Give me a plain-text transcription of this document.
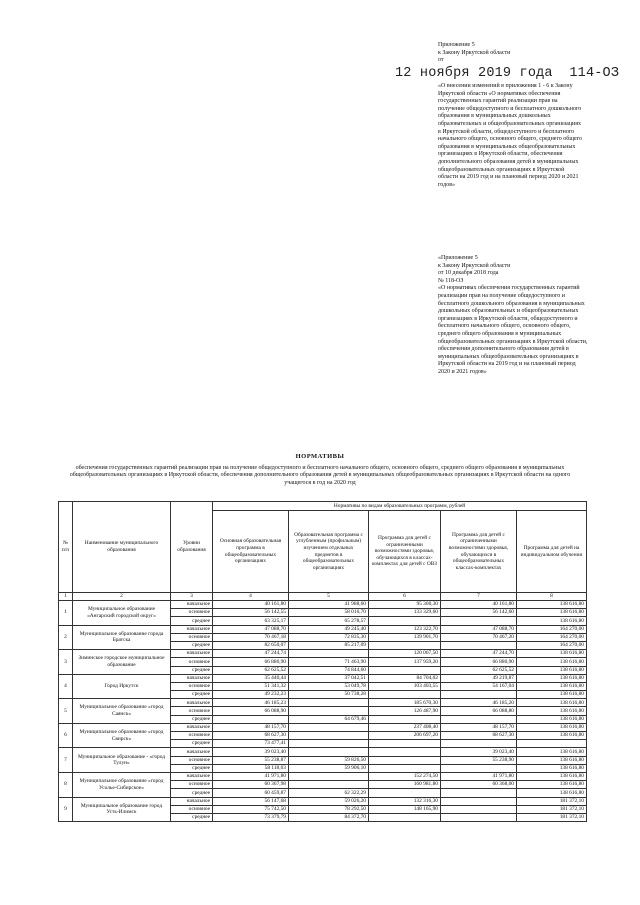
Приложение 5
к Закону Иркутской области
от
12 ноября 2019 года 114-ОЗ
«О внесении изменений в приложения 1 - 6 к Закону Иркутской области «О нормативах обеспечения государственных гарантий реализации прав на получение общедоступного и бесплатного дошкольного образования в муниципальных дошкольных образовательных и общеобразовательных организациях в Иркутской области, общедоступного и бесплатного начального общего, основного общего, среднего общего образования в муниципальных общеобразовательных организациях в Иркутской области, обеспечения дополнительного образования детей в муниципальных общеобразовательных организациях в Иркутской области на 2019 год и на плановый период 2020 и 2021 годов»
«Приложение 5
к Закону Иркутской области
от 10 декабря 2018 года
№ 118-ОЗ
«О нормативах обеспечения государственных гарантий реализации прав на получение общедоступного и бесплатного дошкольного образования в муниципальных дошкольных образовательных и общеобразовательных организациях в Иркутской области, общедоступного и бесплатного начального общего, основного общего, среднего общего образования в муниципальных общеобразовательных организациях в Иркутской области, обеспечения дополнительного образования детей в муниципальных общеобразовательных организациях в Иркутской области на 2019 год и на плановый период 2020 и 2021 годов»
НОРМАТИВЫ
обеспечения государственных гарантий реализации прав на получение общедоступного и бесплатного начального общего, основного общего, среднего общего образования в муниципальных общеобразовательных организациях в Иркутской области, обеспечения дополнительного образования детей в муниципальных общеобразовательных организациях в Иркутской области на одного учащегося в год на 2020 год
№ п/п	Наименование муниципального образования	Уровни образования	Нормативы по видам образовательных программ, рублей				
			Основная образовательная программа в общеобразовательных организациях	Образовательная программа с углубленным (профильным) изучением отдельных предметов в общеобразовательных организациях	Программа для детей с ограниченными возможностями здоровья, обучающихся в классах-комплектах для детей с ОВЗ	Программа для детей с ограниченными возможностями здоровья, обучающихся в общеобразовательных классах-комплектах	Программа для детей на индивидуальном обучении
1	2	3	4	5	6	7	8
1	Муниципальное образование «Ангарский городской округ»	начальное	40 161,80	41 988,60	95 300,30	40 161,80	138 616,80
		основное	56 142,55	58 016,70	133 329,60	56 142,60	138 616,80
		среднее	63 325,17	65 278,57			138 616,80
2	Муниципальное образование города Братска	начальное	47 088,70	49 245,40	123 322,70	47 088,70	164 270,00
		основное	70 467,18	72 835,30	139 901,70	70 467,20	164 270,00
		среднее	82 650,07	85 217,09			164 270,00
3	Зиминское городское муниципальное образование	начальное	47 244,74		120 067,50	47 244,70	138 616,80
		основное	66 880,90	71 463,90	137 959,20	66 880,90	138 616,80
		среднее	62 625,52	74 844,60		62 625,52	138 616,80
4	Город Иркутск	начальное	35 440,44	37 042,51	84 704,02	49 219,87	138 616,80
		основное	51 341,32	53 049,78	103 403,55	54 167,04	138 616,80
		среднее	49 232,23	50 738,28			138 616,80
5	Муниципальное образование «город Саянск»	начальное	46 185,23		185 670,30	46 185,20	138 616,80
		основное	66 088,90		126 487,90	66 088,80	138 616,80
		среднее		64 679,46			138 616,80
6	Муниципальное образование «город Свирск»	начальное	48 157,70		237 408,40	48 157,70	138 616,80
		основное	68 627,30		206 697,20	68 627,30	138 616,80
		среднее	73 477,41				
7	Муниципальное образование - «город Тулун»	начальное	39 023,40			39 023,40	138 616,80
		основное	55 238,87	59 826,50		55 238,90	138 616,80
		среднее	58 118,03	59 906,10			138 616,80
8	Муниципальное образование «город Усолье-Сибирское»	начальное	41 971,80		152 274,50	41 971,80	138 616,80
		основное	60 367,98		160 981,80	60 368,00	138 616,80
		среднее	60 459,87	62 322,29			138 616,80
9	Муниципальное образование город Усть-Илимск	начальное	56 147,68	59 026,20	132 316,30		181 372,10
		основное	75 742,50	78 292,50	148 165,90		181 372,10
		среднее	73 379,79	84 372,70			181 372,10
